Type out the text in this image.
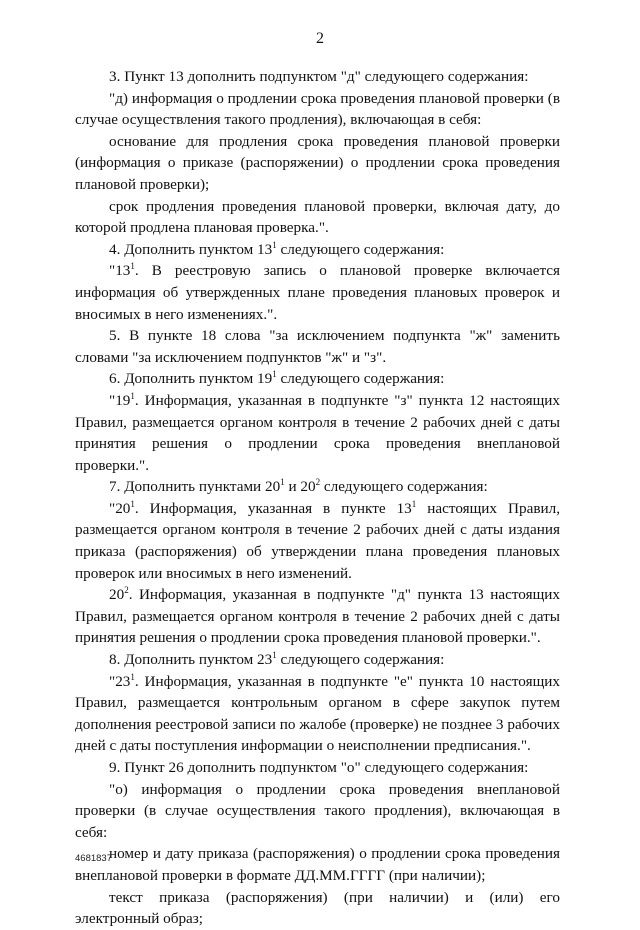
2

3. Пункт 13 дополнить подпунктом "д" следующего содержания:

"д) информация о продлении срока проведения плановой проверки (в случае осуществления такого продления), включающая в себя:

основание для продления срока проведения плановой проверки (информация о приказе (распоряжении) о продлении срока проведения плановой проверки);

срок продления проведения плановой проверки, включая дату, до которой продлена плановая проверка.".

4. Дополнить пунктом $13^1$ следующего содержания:

"$13^1$. В реестровую запись о плановой проверке включается информация об утвержденных плане проведения плановых проверок и вносимых в него изменениях.".

5. В пункте 18 слова "за исключением подпункта "ж" заменить словами "за исключением подпунктов "ж" и "з".

6. Дополнить пунктом $19^1$ следующего содержания:

"$19^1$. Информация, указанная в подпункте "з" пункта 12 настоящих Правил, размещается органом контроля в течение 2 рабочих дней с даты принятия решения о продлении срока проведения внеплановой проверки.".

7. Дополнить пунктами $20^1$ и $20^2$ следующего содержания:

"$20^1$. Информация, указанная в пункте $13^1$ настоящих Правил, размещается органом контроля в течение 2 рабочих дней с даты издания приказа (распоряжения) об утверждении плана проведения плановых проверок или вносимых в него изменений.

$20^2$. Информация, указанная в подпункте "д" пункта 13 настоящих Правил, размещается органом контроля в течение 2 рабочих дней с даты принятия решения о продлении срока проведения плановой проверки.".

8. Дополнить пунктом $23^1$ следующего содержания:

"$23^1$. Информация, указанная в подпункте "е" пункта 10 настоящих Правил, размещается контрольным органом в сфере закупок путем дополнения реестровой записи по жалобе (проверке) не позднее 3 рабочих дней с даты поступления информации о неисполнении предписания.".

9. Пункт 26 дополнить подпунктом "о" следующего содержания:

"о) информация о продлении срока проведения внеплановой проверки (в случае осуществления такого продления), включающая в себя:

номер и дату приказа (распоряжения) о продлении срока проведения внеплановой проверки в формате ДД.ММ.ГГГГ (при наличии);

текст приказа (распоряжения) (при наличии) и (или) его электронный образ;

4681837
